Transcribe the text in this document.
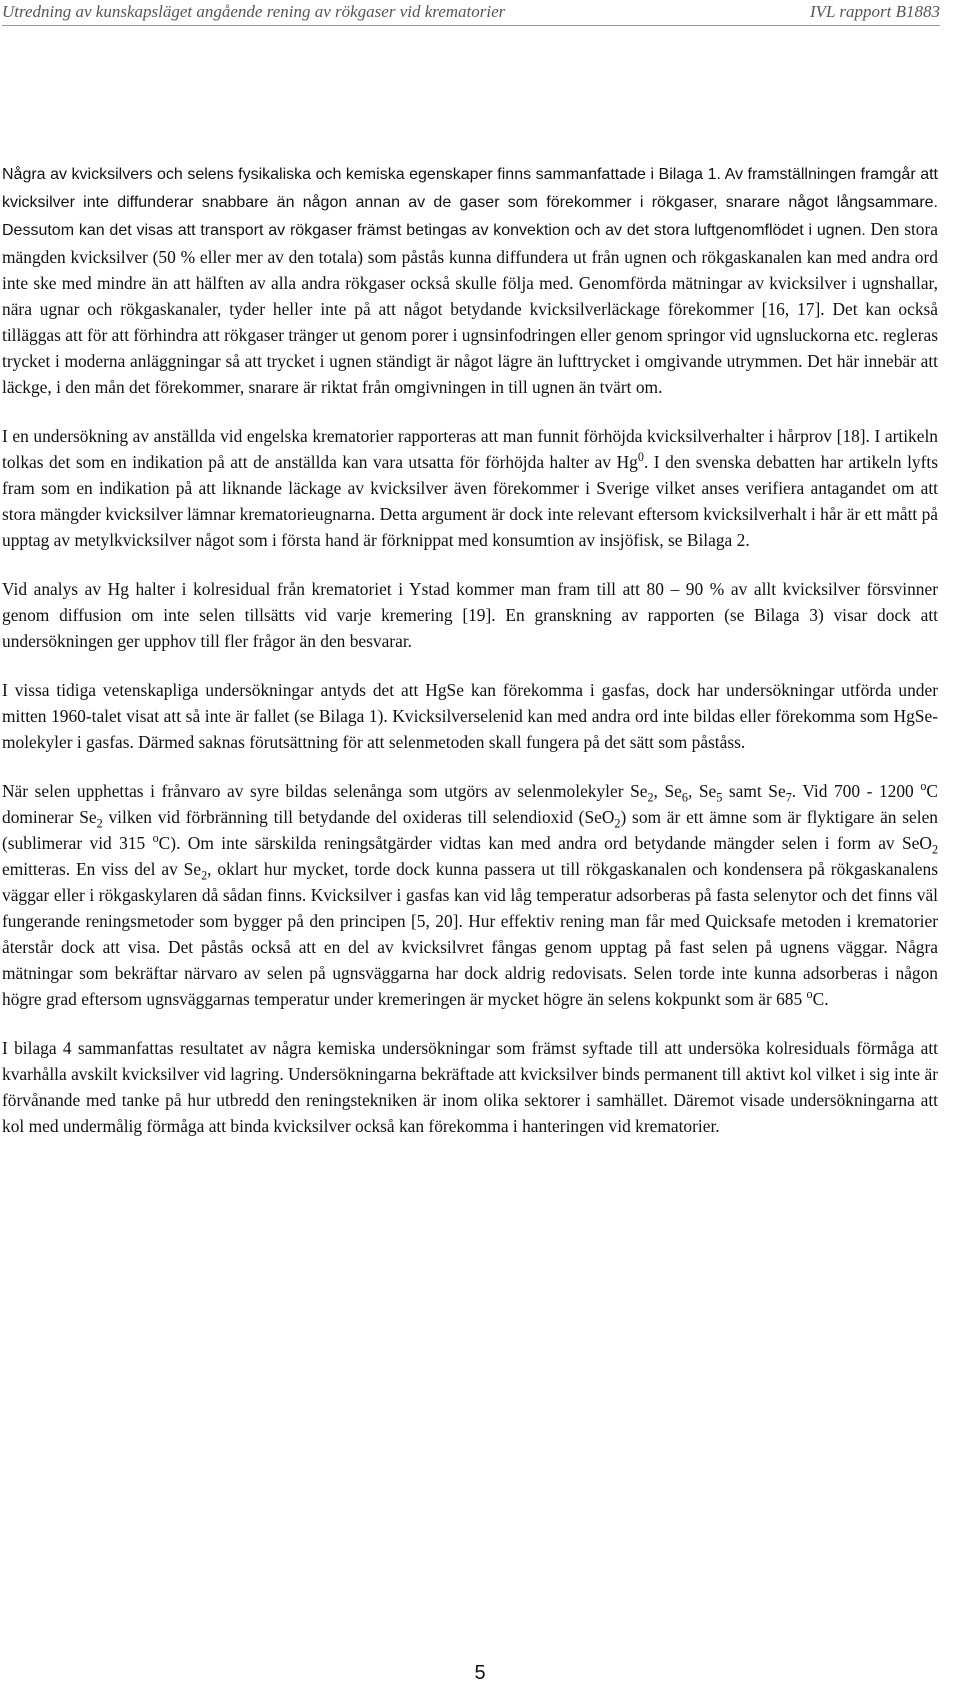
Utredning av kunskapsläget angående rening av rökgaser vid krematorier	IVL rapport B1883

Några av kvicksilvers och selens fysikaliska och kemiska egenskaper finns sammanfattade i Bilaga 1. Av framställningen framgår att kvicksilver inte diffunderar snabbare än någon annan av de gaser som förekommer i rökgaser, snarare något långsammare. Dessutom kan det visas att transport av rökgaser främst betingas av konvektion och av det stora luftgenomflödet i ugnen. Den stora mängden kvicksilver (50 % eller mer av den totala) som påstås kunna diffundera ut från ugnen och rökgaskanalen kan med andra ord inte ske med mindre än att hälften av alla andra rökgaser också skulle följa med. Genomförda mätningar av kvicksilver i ugnshallar, nära ugnar och rökgaskanaler, tyder heller inte på att något betydande kvicksilverläckage förekommer [16, 17]. Det kan också tilläggas att för att förhindra att rökgaser tränger ut genom porer i ugnsinfodringen eller genom springor vid ugnsluckorna etc. regleras trycket i moderna anläggningar så att trycket i ugnen ständigt är något lägre än lufttrycket i omgivande utrymmen. Det här innebär att läckge, i den mån det förekommer, snarare är riktat från omgivningen in till ugnen än tvärt om.

I en undersökning av anställda vid engelska krematorier rapporteras att man funnit förhöjda kvicksilverhalter i hårprov [18]. I artikeln tolkas det som en indikation på att de anställda kan vara utsatta för förhöjda halter av Hg$^0$. I den svenska debatten har artikeln lyfts fram som en indikation på att liknande läckage av kvicksilver även förekommer i Sverige vilket anses verifiera antagandet om att stora mängder kvicksilver lämnar krematorieugnarna. Detta argument är dock inte relevant eftersom kvicksilverhalt i hår är ett mått på upptag av metylkvicksilver något som i första hand är förknippat med konsumtion av insjöfisk, se Bilaga 2.

Vid analys av Hg halter i kolresidual från krematoriet i Ystad kommer man fram till att 80 – 90 % av allt kvicksilver försvinner genom diffusion om inte selen tillsätts vid varje kremering [19]. En granskning av rapporten (se Bilaga 3) visar dock att undersökningen ger upphov till fler frågor än den besvarar.

I vissa tidiga vetenskapliga undersökningar antyds det att HgSe kan förekomma i gasfas, dock har undersökningar utförda under mitten 1960-talet visat att så inte är fallet (se Bilaga 1). Kvicksilverselenid kan med andra ord inte bildas eller förekomma som HgSe-molekyler i gasfas. Därmed saknas förutsättning för att selenmetoden skall fungera på det sätt som påståss.

När selen upphettas i frånvaro av syre bildas selenånga som utgörs av selenmolekyler $Se_2$, $Se_6$, $Se_5$ samt $Se_7$. Vid 700 - 1200 $^o$C dominerar $Se_2$ vilken vid förbränning till betydande del oxideras till selendioxid (SeO$_2$) som är ett ämne som är flyktigare än selen (sublimerar vid 315 $^o$C). Om inte särskilda reningsåtgärder vidtas kan med andra ord betydande mängder selen i form av SeO$_2$ emitteras. En viss del av $Se_2$, oklart hur mycket, torde dock kunna passera ut till rökgaskanalen och kondensera på rökgaskanalens väggar eller i rökgaskylaren då sådan finns. Kvicksilver i gasfas kan vid låg temperatur adsorberas på fasta selenytor och det finns väl fungerande reningsmetoder som bygger på den principen [5, 20]. Hur effektiv rening man får med Quicksafe metoden i krematorier återstår dock att visa. Det påstås också att en del av kvicksilvret fångas genom upptag på fast selen på ugnens väggar. Några mätningar som bekräftar närvaro av selen på ugnsväggarna har dock aldrig redovisats. Selen torde inte kunna adsorberas i någon högre grad eftersom ugnsväggarnas temperatur under kremeringen är mycket högre än selens kokpunkt som är 685 $^o$C.

I bilaga 4 sammanfattas resultatet av några kemiska undersökningar som främst syftade till att undersöka kolresiduals förmåga att kvarhålla avskilt kvicksilver vid lagring. Undersökningarna bekräftade att kvicksilver binds permanent till aktivt kol vilket i sig inte är förvånande med tanke på hur utbredd den reningstekniken är inom olika sektorer i samhället. Däremot visade undersökningarna att kol med undermålig förmåga att binda kvicksilver också kan förekomma i hanteringen vid krematorier.

5
